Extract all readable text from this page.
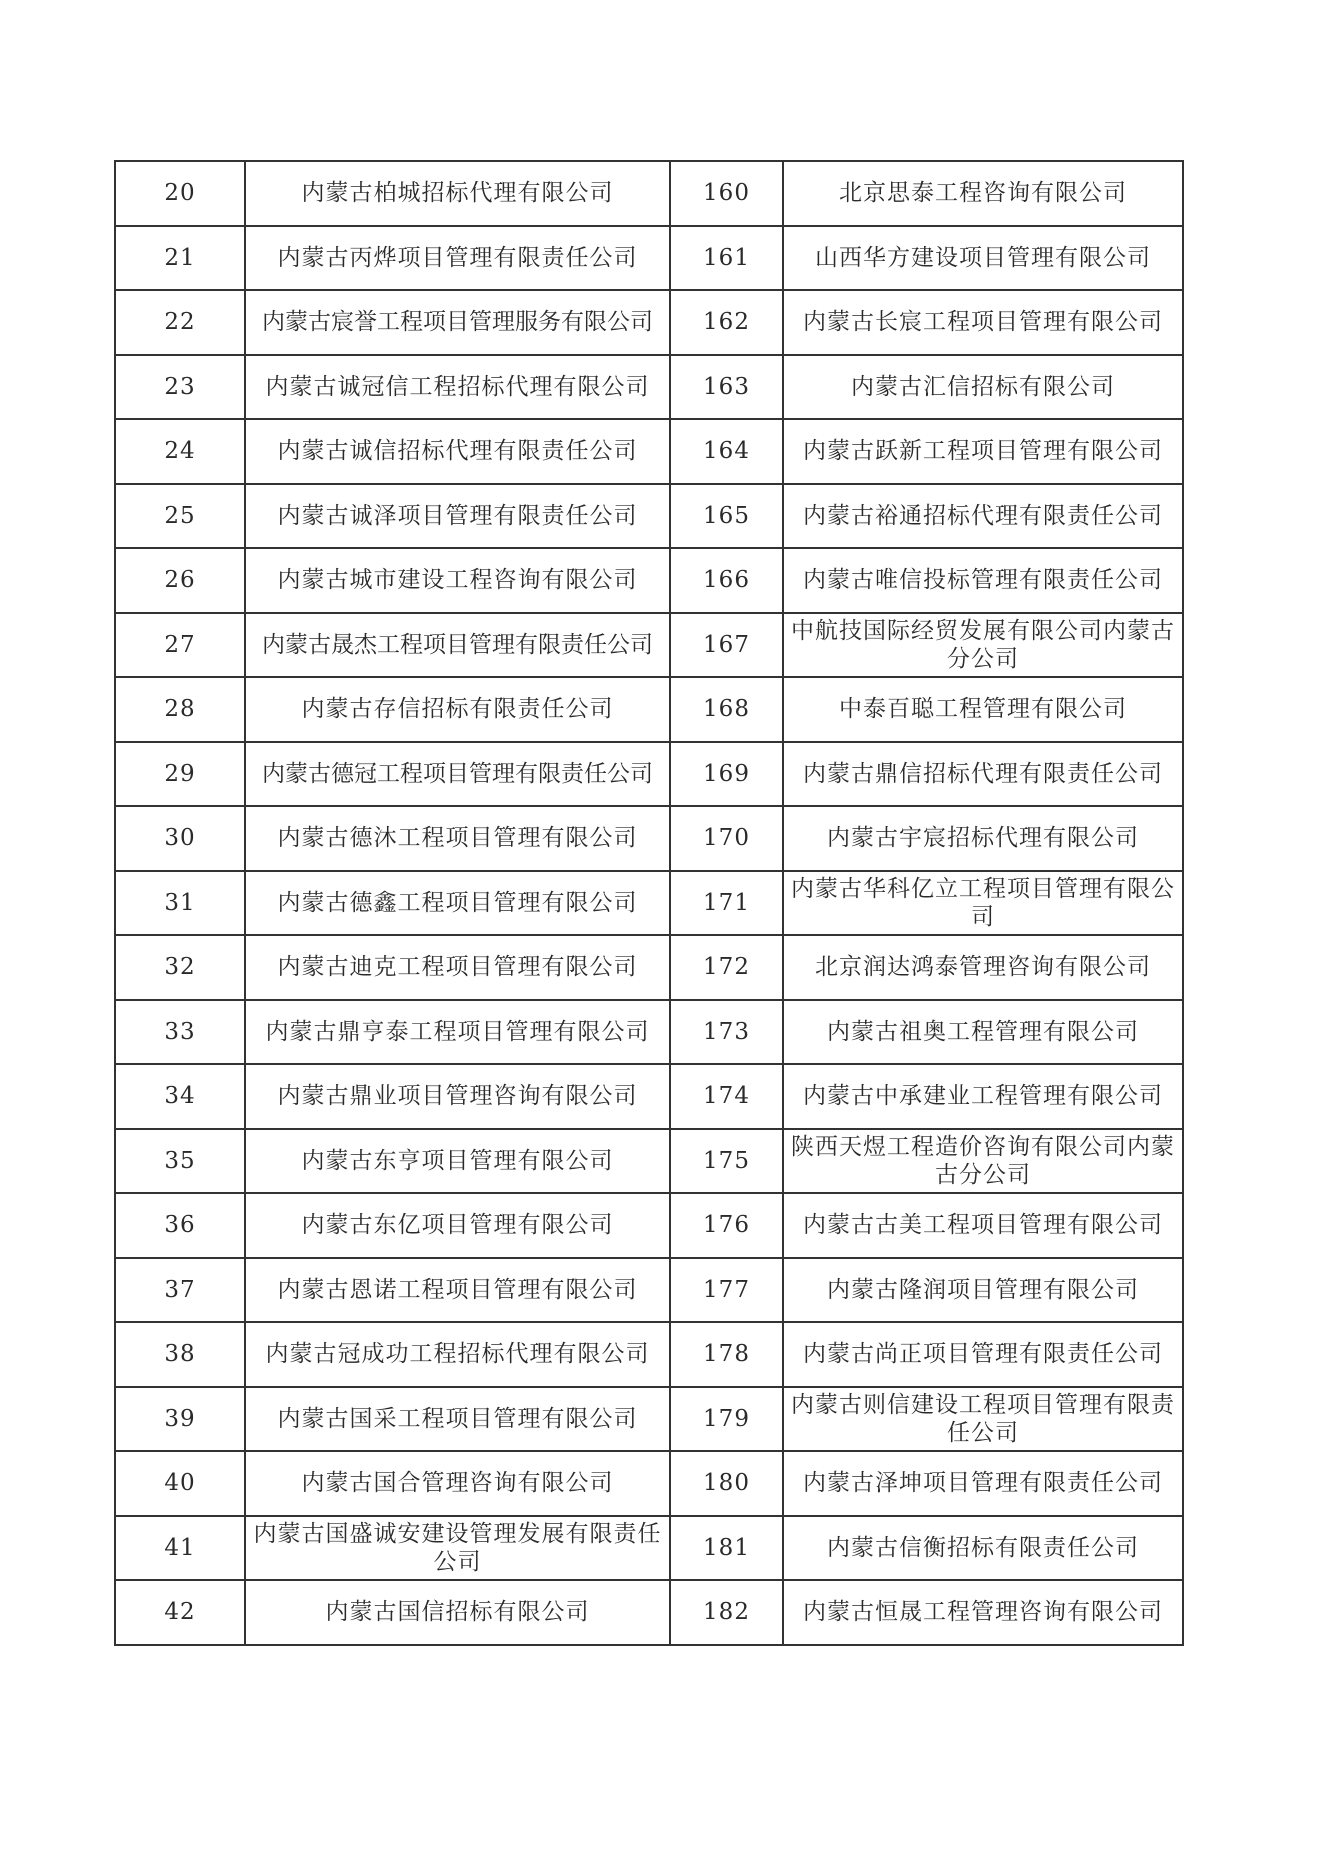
20	内蒙古柏城招标代理有限公司	160	北京思泰工程咨询有限公司
21	内蒙古丙烨项目管理有限责任公司	161	山西华方建设项目管理有限公司
22	内蒙古宸誉工程项目管理服务有限公司	162	内蒙古长宸工程项目管理有限公司
23	内蒙古诚冠信工程招标代理有限公司	163	内蒙古汇信招标有限公司
24	内蒙古诚信招标代理有限责任公司	164	内蒙古跃新工程项目管理有限公司
25	内蒙古诚泽项目管理有限责任公司	165	内蒙古裕通招标代理有限责任公司
26	内蒙古城市建设工程咨询有限公司	166	内蒙古唯信投标管理有限责任公司
27	内蒙古晟杰工程项目管理有限责任公司	167	中航技国际经贸发展有限公司内蒙古分公司
28	内蒙古存信招标有限责任公司	168	中泰百聪工程管理有限公司
29	内蒙古德冠工程项目管理有限责任公司	169	内蒙古鼎信招标代理有限责任公司
30	内蒙古德沐工程项目管理有限公司	170	内蒙古宇宸招标代理有限公司
31	内蒙古德鑫工程项目管理有限公司	171	内蒙古华科亿立工程项目管理有限公司
32	内蒙古迪克工程项目管理有限公司	172	北京润达鸿泰管理咨询有限公司
33	内蒙古鼎亨泰工程项目管理有限公司	173	内蒙古祖奥工程管理有限公司
34	内蒙古鼎业项目管理咨询有限公司	174	内蒙古中承建业工程管理有限公司
35	内蒙古东亨项目管理有限公司	175	陕西天煜工程造价咨询有限公司内蒙古分公司
36	内蒙古东亿项目管理有限公司	176	内蒙古古美工程项目管理有限公司
37	内蒙古恩诺工程项目管理有限公司	177	内蒙古隆润项目管理有限公司
38	内蒙古冠成功工程招标代理有限公司	178	内蒙古尚正项目管理有限责任公司
39	内蒙古国采工程项目管理有限公司	179	内蒙古则信建设工程项目管理有限责任公司
40	内蒙古国合管理咨询有限公司	180	内蒙古泽坤项目管理有限责任公司
41	内蒙古国盛诚安建设管理发展有限责任公司	181	内蒙古信衡招标有限责任公司
42	内蒙古国信招标有限公司	182	内蒙古恒晟工程管理咨询有限公司
